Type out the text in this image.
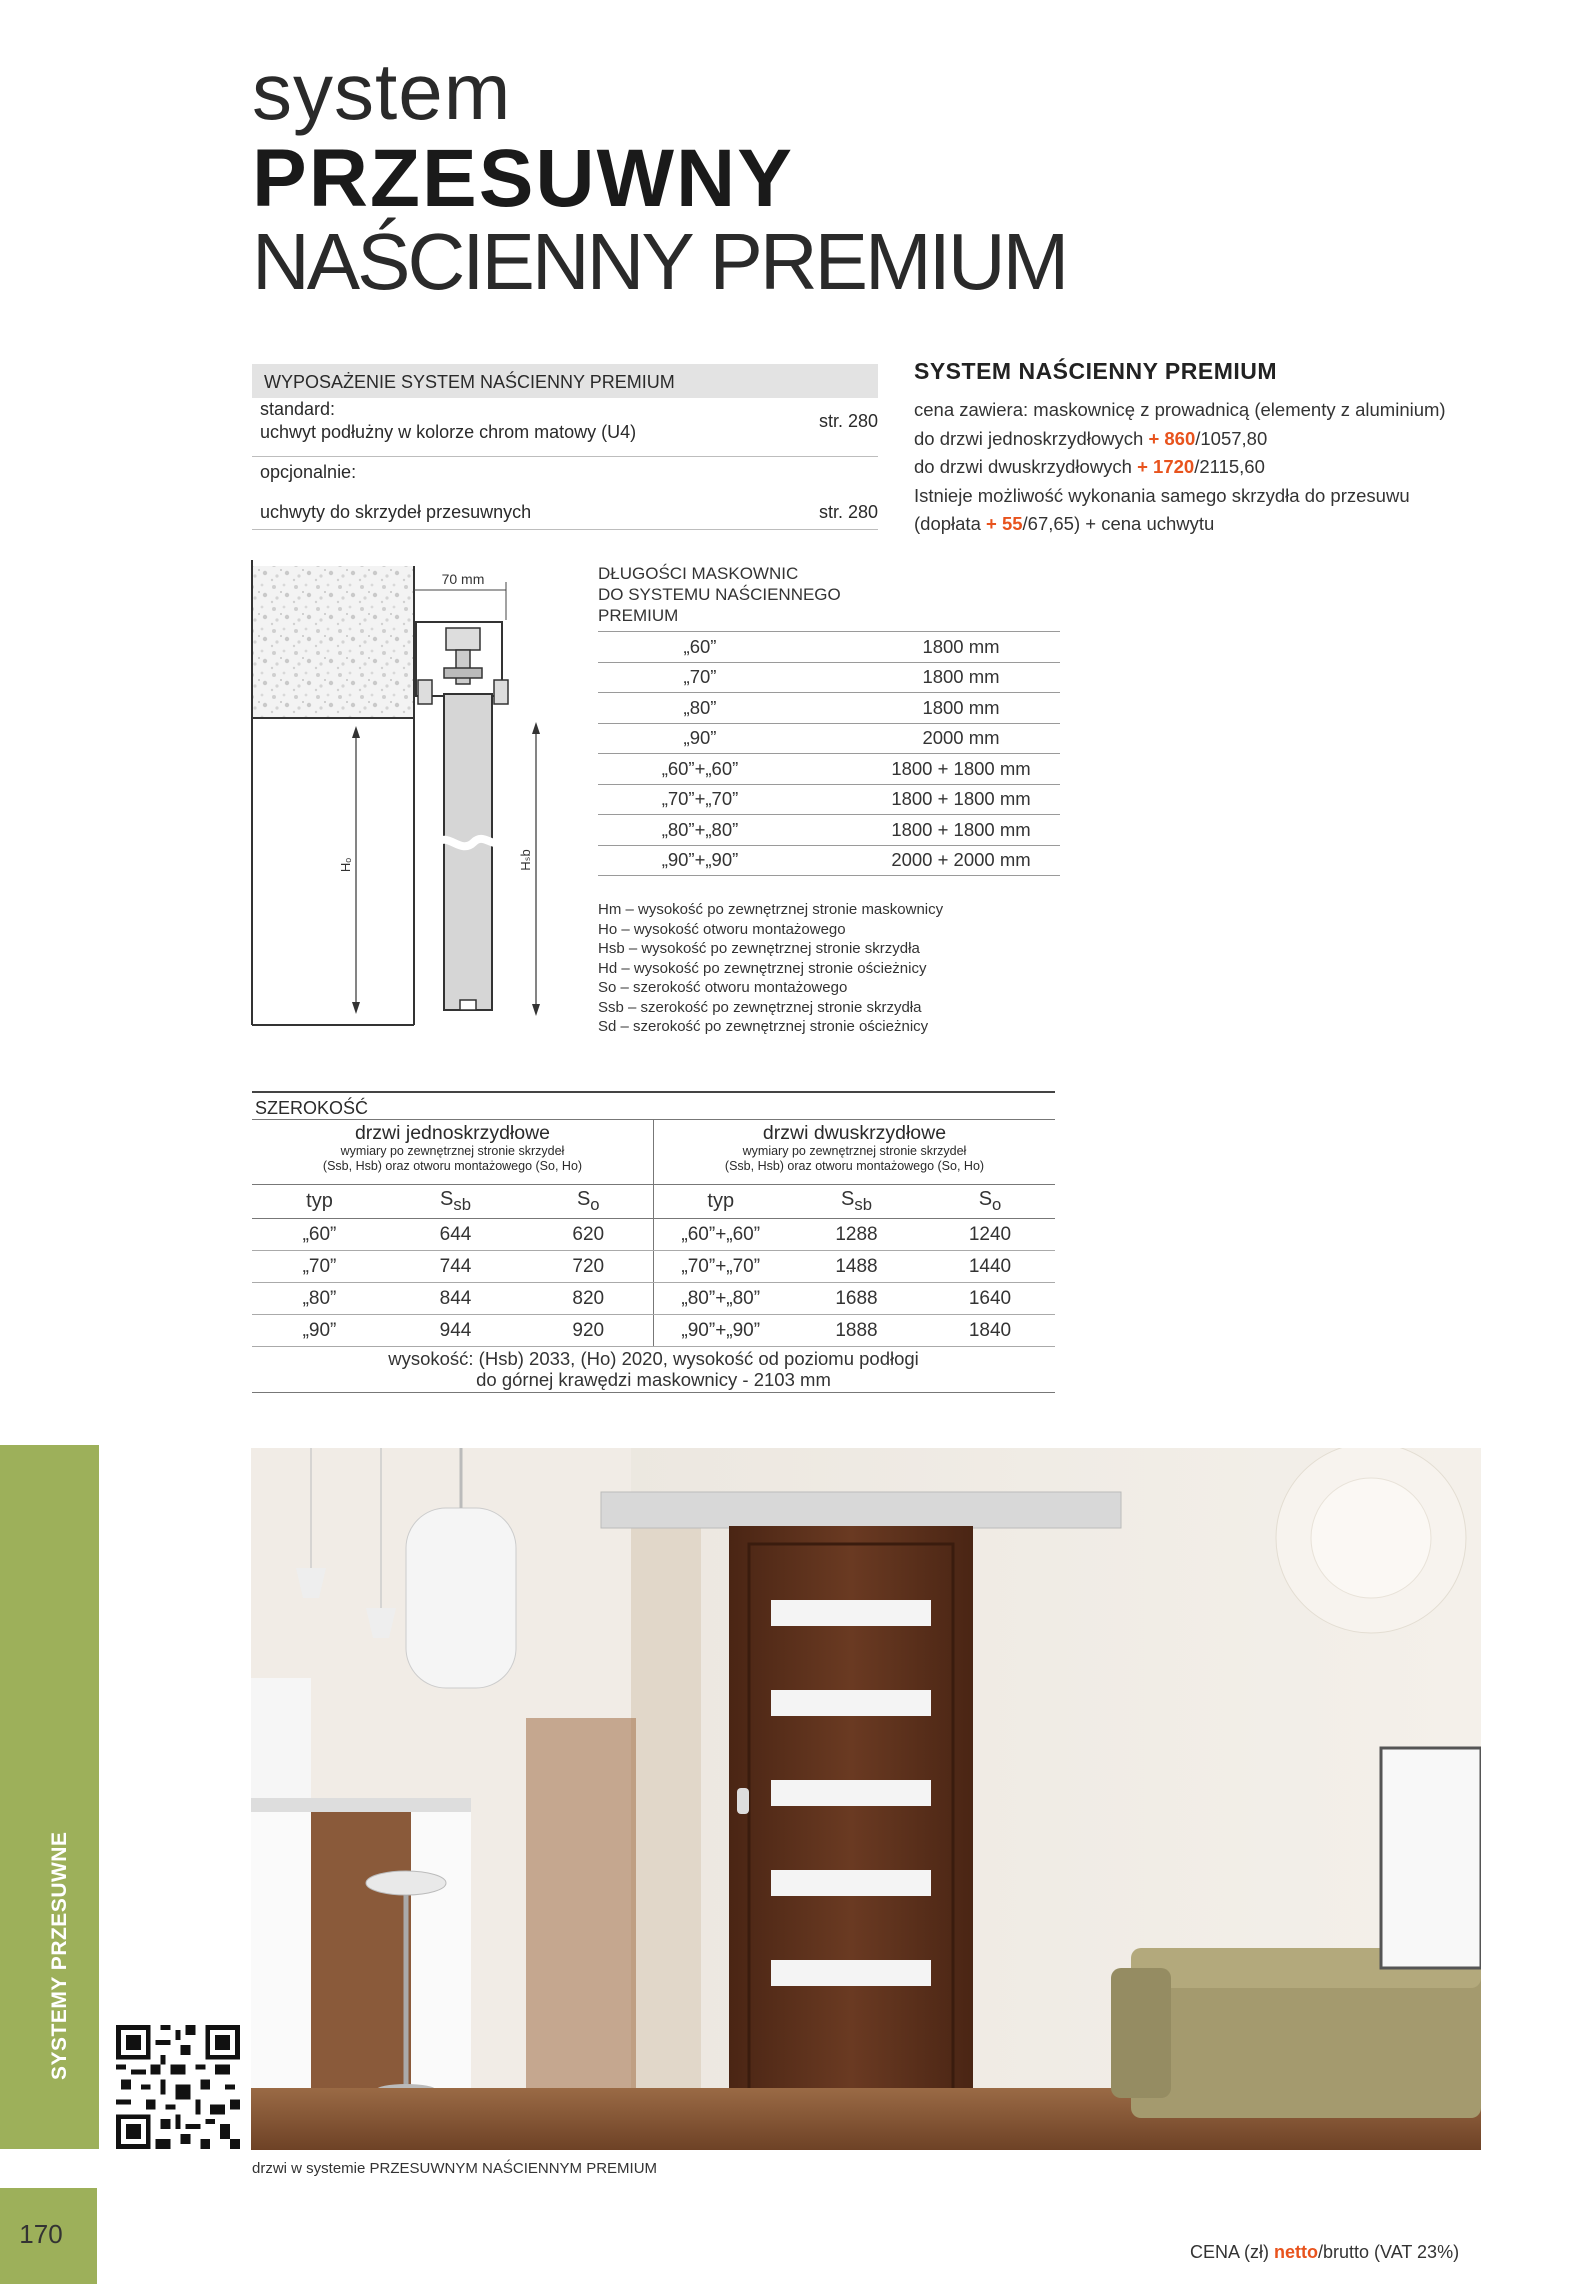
system
PRZESUWNY
NAŚCIENNY PREMIUM
WYPOSAŻENIE SYSTEM NAŚCIENNY PREMIUM
standard:
uchwyt podłużny w kolorze chrom matowy (U4)
str. 280
opcjonalnie:
uchwyty do skrzydeł przesuwnych	str. 280
SYSTEM NAŚCIENNY PREMIUM
cena zawiera: maskownicę z prowadnicą (elementy z aluminium)
do drzwi jednoskrzydłowych + 860/1057,80
do drzwi dwuskrzydłowych + 1720/2115,60
Istnieje możliwość wykonania samego skrzydła do przesuwu
(dopłata + 55/67,65) + cena uchwytu
70 mm
Hₒ	Hₛb
DŁUGOŚCI MASKOWNIC
DO SYSTEMU NAŚCIENNEGO
PREMIUM
„60”	1800 mm
„70”	1800 mm
„80”	1800 mm
„90”	2000 mm
„60”+„60”	1800 + 1800 mm
„70”+„70”	1800 + 1800 mm
„80”+„80”	1800 + 1800 mm
„90”+„90”	2000 + 2000 mm
Hm – wysokość po zewnętrznej stronie maskownicy
Ho – wysokość otworu montażowego
Hsb – wysokość po zewnętrznej stronie skrzydła
Hd – wysokość po zewnętrznej stronie ościeżnicy
So – szerokość otworu montażowego
Ssb – szerokość po zewnętrznej stronie skrzydła
Sd – szerokość po zewnętrznej stronie ościeżnicy
SZEROKOŚĆ
drzwi jednoskrzydłowe
wymiary po zewnętrznej stronie skrzydeł
(Ssb, Hsb) oraz otworu montażowego (So, Ho)
drzwi dwuskrzydłowe
wymiary po zewnętrznej stronie skrzydeł
(Ssb, Hsb) oraz otworu montażowego (So, Ho)
typ	$S_{sb}$	$S_o$	typ	$S_{sb}$	$S_o$
„60”	644	620	„60”+„60”	1288	1240
„70”	744	720	„70”+„70”	1488	1440
„80”	844	820	„80”+„80”	1688	1640
„90”	944	920	„90”+„90”	1888	1840
wysokość: (Hsb) 2033, (Ho) 2020, wysokość od poziomu podłogi
do górnej krawędzi maskownicy - 2103 mm
drzwi w systemie PRZESUWNYM NAŚCIENNYM PREMIUM
SYSTEMY PRZESUWNE
170
CENA (zł) netto/brutto (VAT 23%)
